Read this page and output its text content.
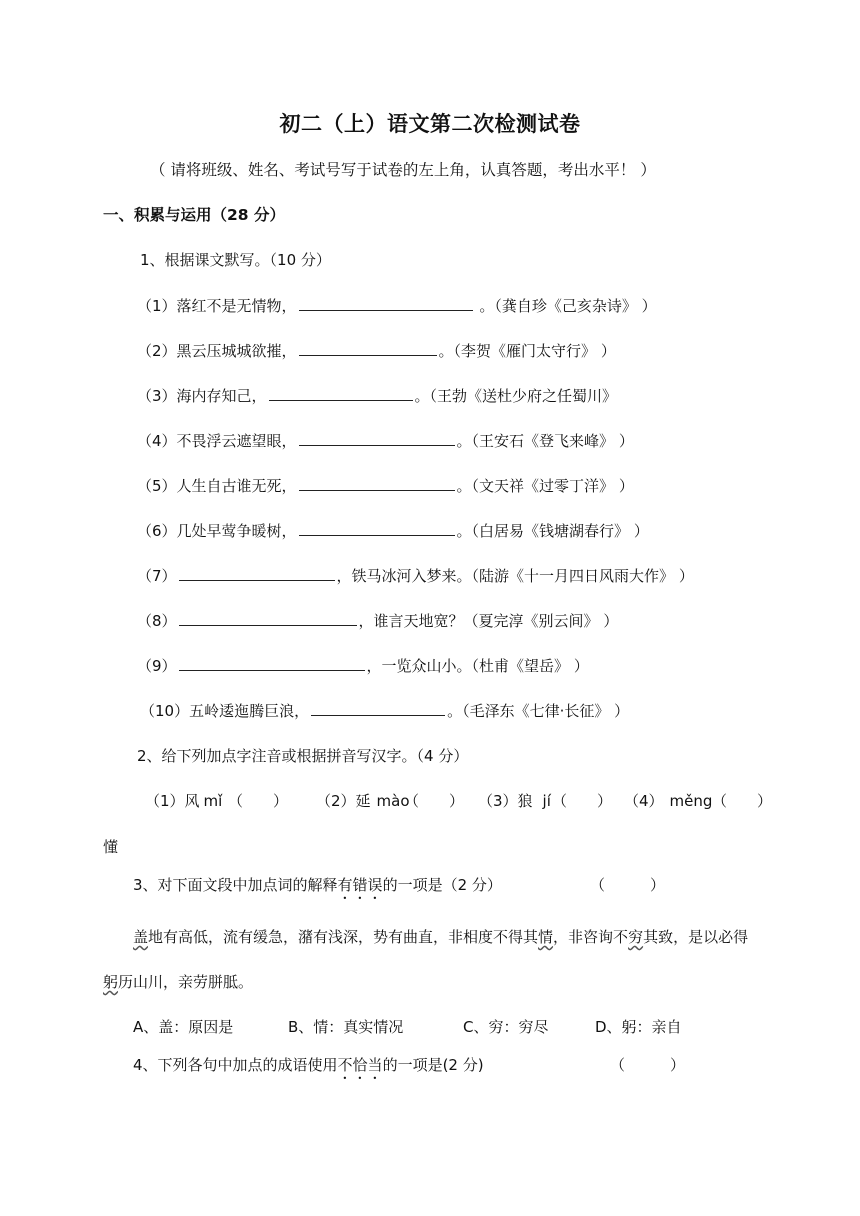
初二（上）语文第二次检测试卷
（ 请将班级、姓名、考试号写于试卷的左上角，认真答题，考出水平！ ）
一、积累与运用（28 分）
1、根据课文默写。（10 分）
（1）落红不是无情物，	。（龚自珍《己亥杂诗》 ）
（2）黑云压城城欲摧，	。（李贺《雁门太守行》 ）
（3）海内存知己，	。（王勃《送杜少府之任蜀川》
（4）不畏浮云遮望眼，	。（王安石《登飞来峰》 ）
（5）人生自古谁无死，	。（文天祥《过零丁洋》 ）
（6）几处早莺争暖树，	。（白居易《钱塘湖春行》 ）
（7）	，铁马冰河入梦来。（陆游《十一月四日风雨大作》 ）
（8）	，谁言天地宽？（夏完淳《别云间》 ）
（9）	，一览众山小。（杜甫《望岳》 ）
（10）五岭逶迤腾巨浪，	。（毛泽东《七律·长征》 ）
2、给下列加点字注音或根据拼音写汉字。（4 分）
（1）风 mǐ （　　） （2）延 mào
（　　） （3）狼 jí （　　） （4） měng （　　）
懂
3、对下面文段中加点词的解释有错误的一项是（2 分）	（　　　）
盖地有高低，流有缓急，潴有浅深，势有曲直，非相度不得其情，非咨询不穷其致，是以必得
躬历山川，亲劳胼胝。
A、盖：原因是	B、情：真实情况	C、穷：穷尽	D、躬：亲自
4、下列各句中加点的成语使用不恰当的一项是(2 分)	（　　　）
